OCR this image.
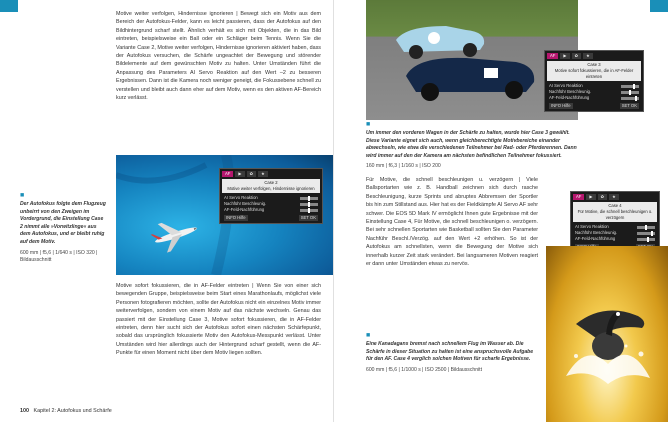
Motive weiter verfolgen, Hindernisse ignorieren | Bewegt sich ein Motiv aus dem Bereich der Autofokus-Felder, kann es leicht passieren, dass der Autofokus auf den Bildhintergrund scharf stellt. Ähnlich verhält es sich mit Objekten, die in das Bild eintreten, beispielsweise ein Ball oder ein Schläger beim Tennis. Wenn Sie die Variante Case 2, Motive weiter verfolgen, Hindernisse ignorieren aktiviert haben, dass der Autofokus versuchen, die Schärfe ungeachtet der Bewegung und störender Bildelemente auf dem gewünschten Motiv zu halten. Unter Umständen führt die Anpassung des Parameters AI Servo Reaktion auf den Wert –2 zu besseren Ergebnissen. Dann ist die Kamera noch weniger geneigt, die Fokussebene schnell zu verstellen und bleibt auch dann eher auf dem Motiv, wenn es den aktiven AF-Bereich kurz verlässt.
■
Der Autofokus folgte dem Flugzeug unbeirrt von den Zweigen im Vordergrund, die Einstellung Case 2 nimmt alle »Vorwitzlinge« aus dem Autofokus, und er bleibt ruhig auf dem Motiv.
600 mm | f5,6 | 1/640 s | ISO 320 | Bildausschnitt
AF	▶	✿	★
Case 2
Motive weiter verfolgen, Hindernisse ignorieren
AI Servo Reaktion
Nachführ Beschleunig.
AF-Feld-Nachführung
INFO Hilfe	SET OK
Motive sofort fokussieren, die in AF-Felder eintreten | Wenn Sie von einer sich bewegenden Gruppe, beispielsweise beim Start eines Marathonlaufs, möglichst viele Personen fotografieren möchten, sollte der Autofokus nicht ein einzelnes Motiv immer weiterverfolgen, sondern von einem Motiv auf das nächste wechseln. Genau das passiert mit der Einstellung Case 3, Motive sofort fokussieren, die in AF-Felder eintreten, denn hier sucht sich der Autofokus sofort einen nächsten Schärfepunkt, sobald das ursprünglich fokussierte Motiv den Autofokus-Messpunkt verlässt. Unter Umständen wird hier allerdings auch der Hintergrund scharf gestellt, wenn die AF-Punkte für einen Moment nicht über dem Motiv liegen sollten.
100 Kapitel 2: Autofokus und Schärfe
AF	▶	✿	★
Case 3
Motive sofort fokussieren, die in AF-Felder eintreten
AI Servo Reaktion
Nachführ Beschleunig.
AF-Feld-Nachführung
INFO Hilfe	SET OK
■
Um immer den vorderen Wagen in der Schärfe zu halten, wurde hier Case 3 gewählt. Diese Variante eignet sich auch, wenn gleichberechtigte Motivbereiche einander abwechseln, wie etwa die verschiedenen Teilnehmer bei Rad- oder Pferderennen. Dann wird immer auf den der Kamera am nächsten befindlichen Teilnehmer fokussiert.
160 mm | f6,3 | 1/160 s | ISO 200
Für Motive, die schnell beschleunigen u. verzögern | Viele Ballsportarten wie z. B. Handball zeichnen sich durch rasche Beschleunigung, kurze Sprints und abruptes Abbremsen der Sportler bis hin zum Stillstand aus. Hier hat es der Fieldkämpfe AI Servo AF sehr schwer. Die EOS 5D Mark IV ermöglicht Ihnen gute Ergebnisse mit der Einstellung Case 4, Für Motive, die schnell beschleunigen o. verzögern. Bei sehr schnellen Sportarten wie Basketball sollten Sie den Parameter Nachführ Beschl./Verzög. auf den Wert +2 erhöhen. So ist der Autofokus am schnellsten, wenn die Bewegung der Motive sich innerhalb kurzer Zeit stark verändert. Bei langsameren Motiven reagiert er dann unter Umständen etwas zu nervös.
AF	▶	✿	★
Case 4
Für Motive, die schnell beschleunigen o. verzögern
AI Servo Reaktion
Nachführ Beschleunig.
AF-Feld-Nachführung
■
Eine Kanadagans bremst nach schnellem Flug im Wasser ab. Die Schärfe in dieser Situation zu halten ist eine anspruchsvolle Aufgabe für den AF. Case 4 verglich solchen Motiven für scharfe Ergebnisse.
600 mm | f5,6 | 1/1000 s | ISO 2500 | Bildausschnitt
